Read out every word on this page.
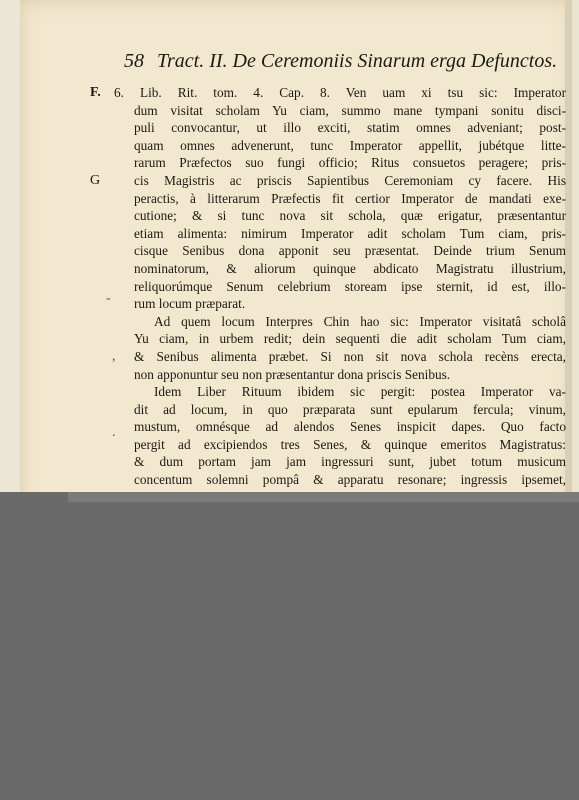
58 Tract. II. De Ceremoniis Sinarum erga Defunctos.
F.
G
-
,
.
6. Lib. Rit. tom. 4. Cap. 8. Ven uam xi tsu sic: Imperator
dum visitat scholam Yu ciam, summo mane tympani sonitu disci-
puli convocantur, ut illo exciti, statim omnes adveniant; post-
quam omnes advenerunt, tunc Imperator appellit, jubétque litte-
rarum Præfectos suo fungi officio; Ritus consuetos peragere; pris-
cis Magistris ac priscis Sapientibus Ceremoniam cy facere. His
peractis, à litterarum Præfectis fit certior Imperator de mandati exe-
cutione; & si tunc nova sit schola, quæ erigatur, præsentantur
etiam alimenta: nimirum Imperator adit scholam Tum ciam, pris-
cisque Senibus dona apponit seu præsentat. Deinde trium Senum
nominatorum, & aliorum quinque abdicato Magistratu illustrium,
reliquorúmque Senum celebrium stoream ipse sternit, id est, illo-
rum locum præparat.
Ad quem locum Interpres Chin hao sic: Imperator visitatâ scholâ
Yu ciam, in urbem redit; dein sequenti die adit scholam Tum ciam,
& Senibus alimenta præbet. Si non sit nova schola recèns erecta,
non apponuntur seu non præsentantur dona priscis Senibus.
Idem Liber Rituum ibidem sic pergit: postea Imperator va-
dit ad locum, in quo præparata sunt epularum fercula; vinum,
mustum, omnésque ad alendos Senes inspicit dapes. Quo facto
pergit ad excipiendos tres Senes, & quinque emeritos Magistratus:
& dum portam jam jam ingressuri sunt, jubet totum musicum
concentum solemni pompâ & apparatu resonare; ingressis ipsemet,
